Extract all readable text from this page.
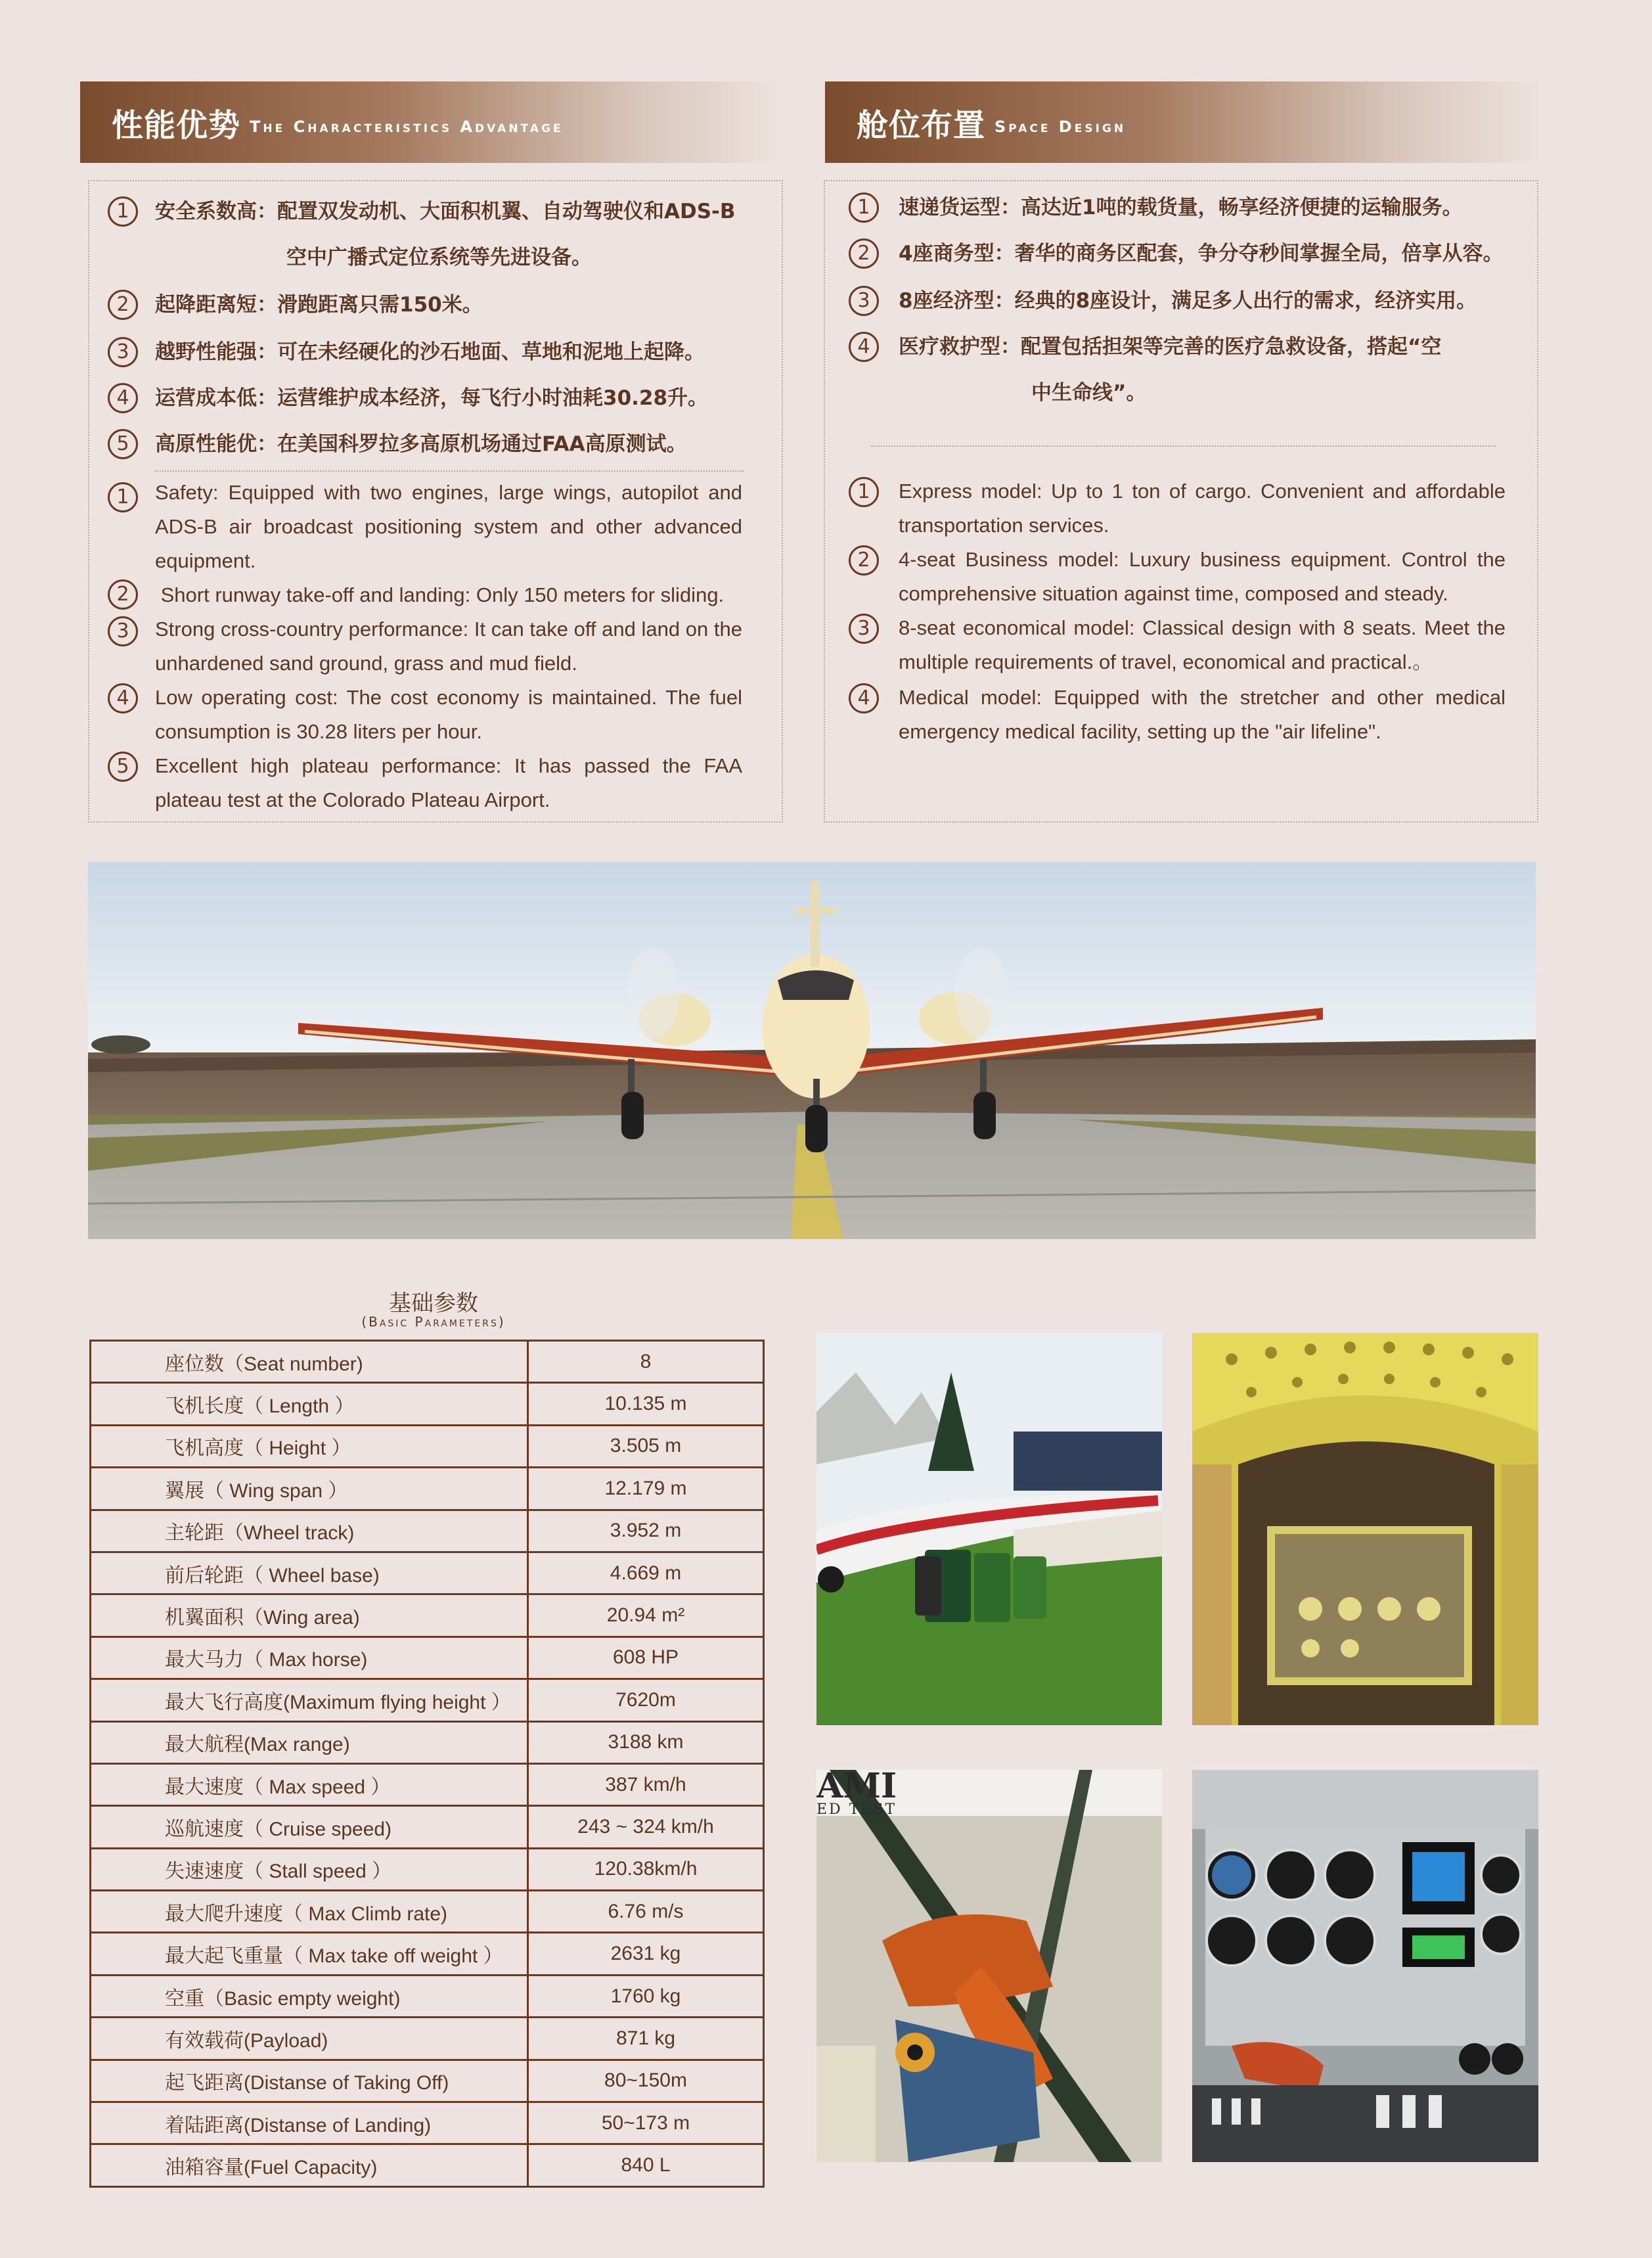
性能优势 The Characteristics Advantage	舱位布置 Space Design
1	安全系数高：配置双发动机、大面积机翼、自动驾驶仪和ADS-B
空中广播式定位系统等先进设备。
2	起降距离短：滑跑距离只需150米。
3	越野性能强：可在未经硬化的沙石地面、草地和泥地上起降。
4	运营成本低：运营维护成本经济，每飞行小时油耗30.28升。
5	高原性能优：在美国科罗拉多高原机场通过FAA高原测试。
1	Safety: Equipped with two engines, large wings, autopilot and ADS-B air broadcast positioning system and other advanced equipment.
2	Short runway take-off and landing: Only 150 meters for sliding.
3	Strong cross-country performance: It can take off and land on the unhardened sand ground, grass and mud field.
4	Low operating cost: The cost economy is maintained. The fuel consumption is 30.28 liters per hour.
5	Excellent high plateau performance: It has passed the FAA plateau test at the Colorado Plateau Airport.
1	速递货运型：高达近1吨的载货量，畅享经济便捷的运输服务。
2	4座商务型：奢华的商务区配套，争分夺秒间掌握全局，倍享从容。
3	8座经济型：经典的8座设计，满足多人出行的需求，经济实用。
4	医疗救护型：配置包括担架等完善的医疗急救设备，搭起“空
中生命线”。
1	Express model: Up to 1 ton of cargo. Convenient and affordable transportation services.
2	4-seat Business model: Luxury business equipment. Control the comprehensive situation against time, composed and steady.
3	8-seat economical model: Classical design with 8 seats. Meet the multiple requirements of travel, economical and practical.。
4	Medical model: Equipped with the stretcher and other medical emergency medical facility, setting up the "air lifeline".
基础参数
(Basic Parameters)
座位数（Seat number)	8
飞机长度（ Length ）	10.135 m
飞机高度（ Height ）	3.505 m
翼展（ Wing span ）	12.179 m
主轮距（Wheel track)	3.952 m
前后轮距（ Wheel base)	4.669 m
机翼面积（Wing area)	20.94 m²
最大马力（ Max horse)	608 HP
最大飞行高度(Maximum flying height ）	7620m
最大航程(Max range)	3188 km
最大速度（ Max speed ）	387 km/h
巡航速度（ Cruise speed)	243 ~ 324 km/h
失速速度（ Stall speed ）	120.38km/h
最大爬升速度（ Max Climb rate)	6.76 m/s
最大起飞重量（ Max take off weight ）	2631 kg
空重（Basic empty weight)	1760 kg
有效载荷(Payload)	871 kg
起飞距离(Distanse of Taking Off)	80~150m
着陆距离(Distanse of Landing)	50~173 m
油箱容量(Fuel Capacity)	840 L
AMI
ED TEST
